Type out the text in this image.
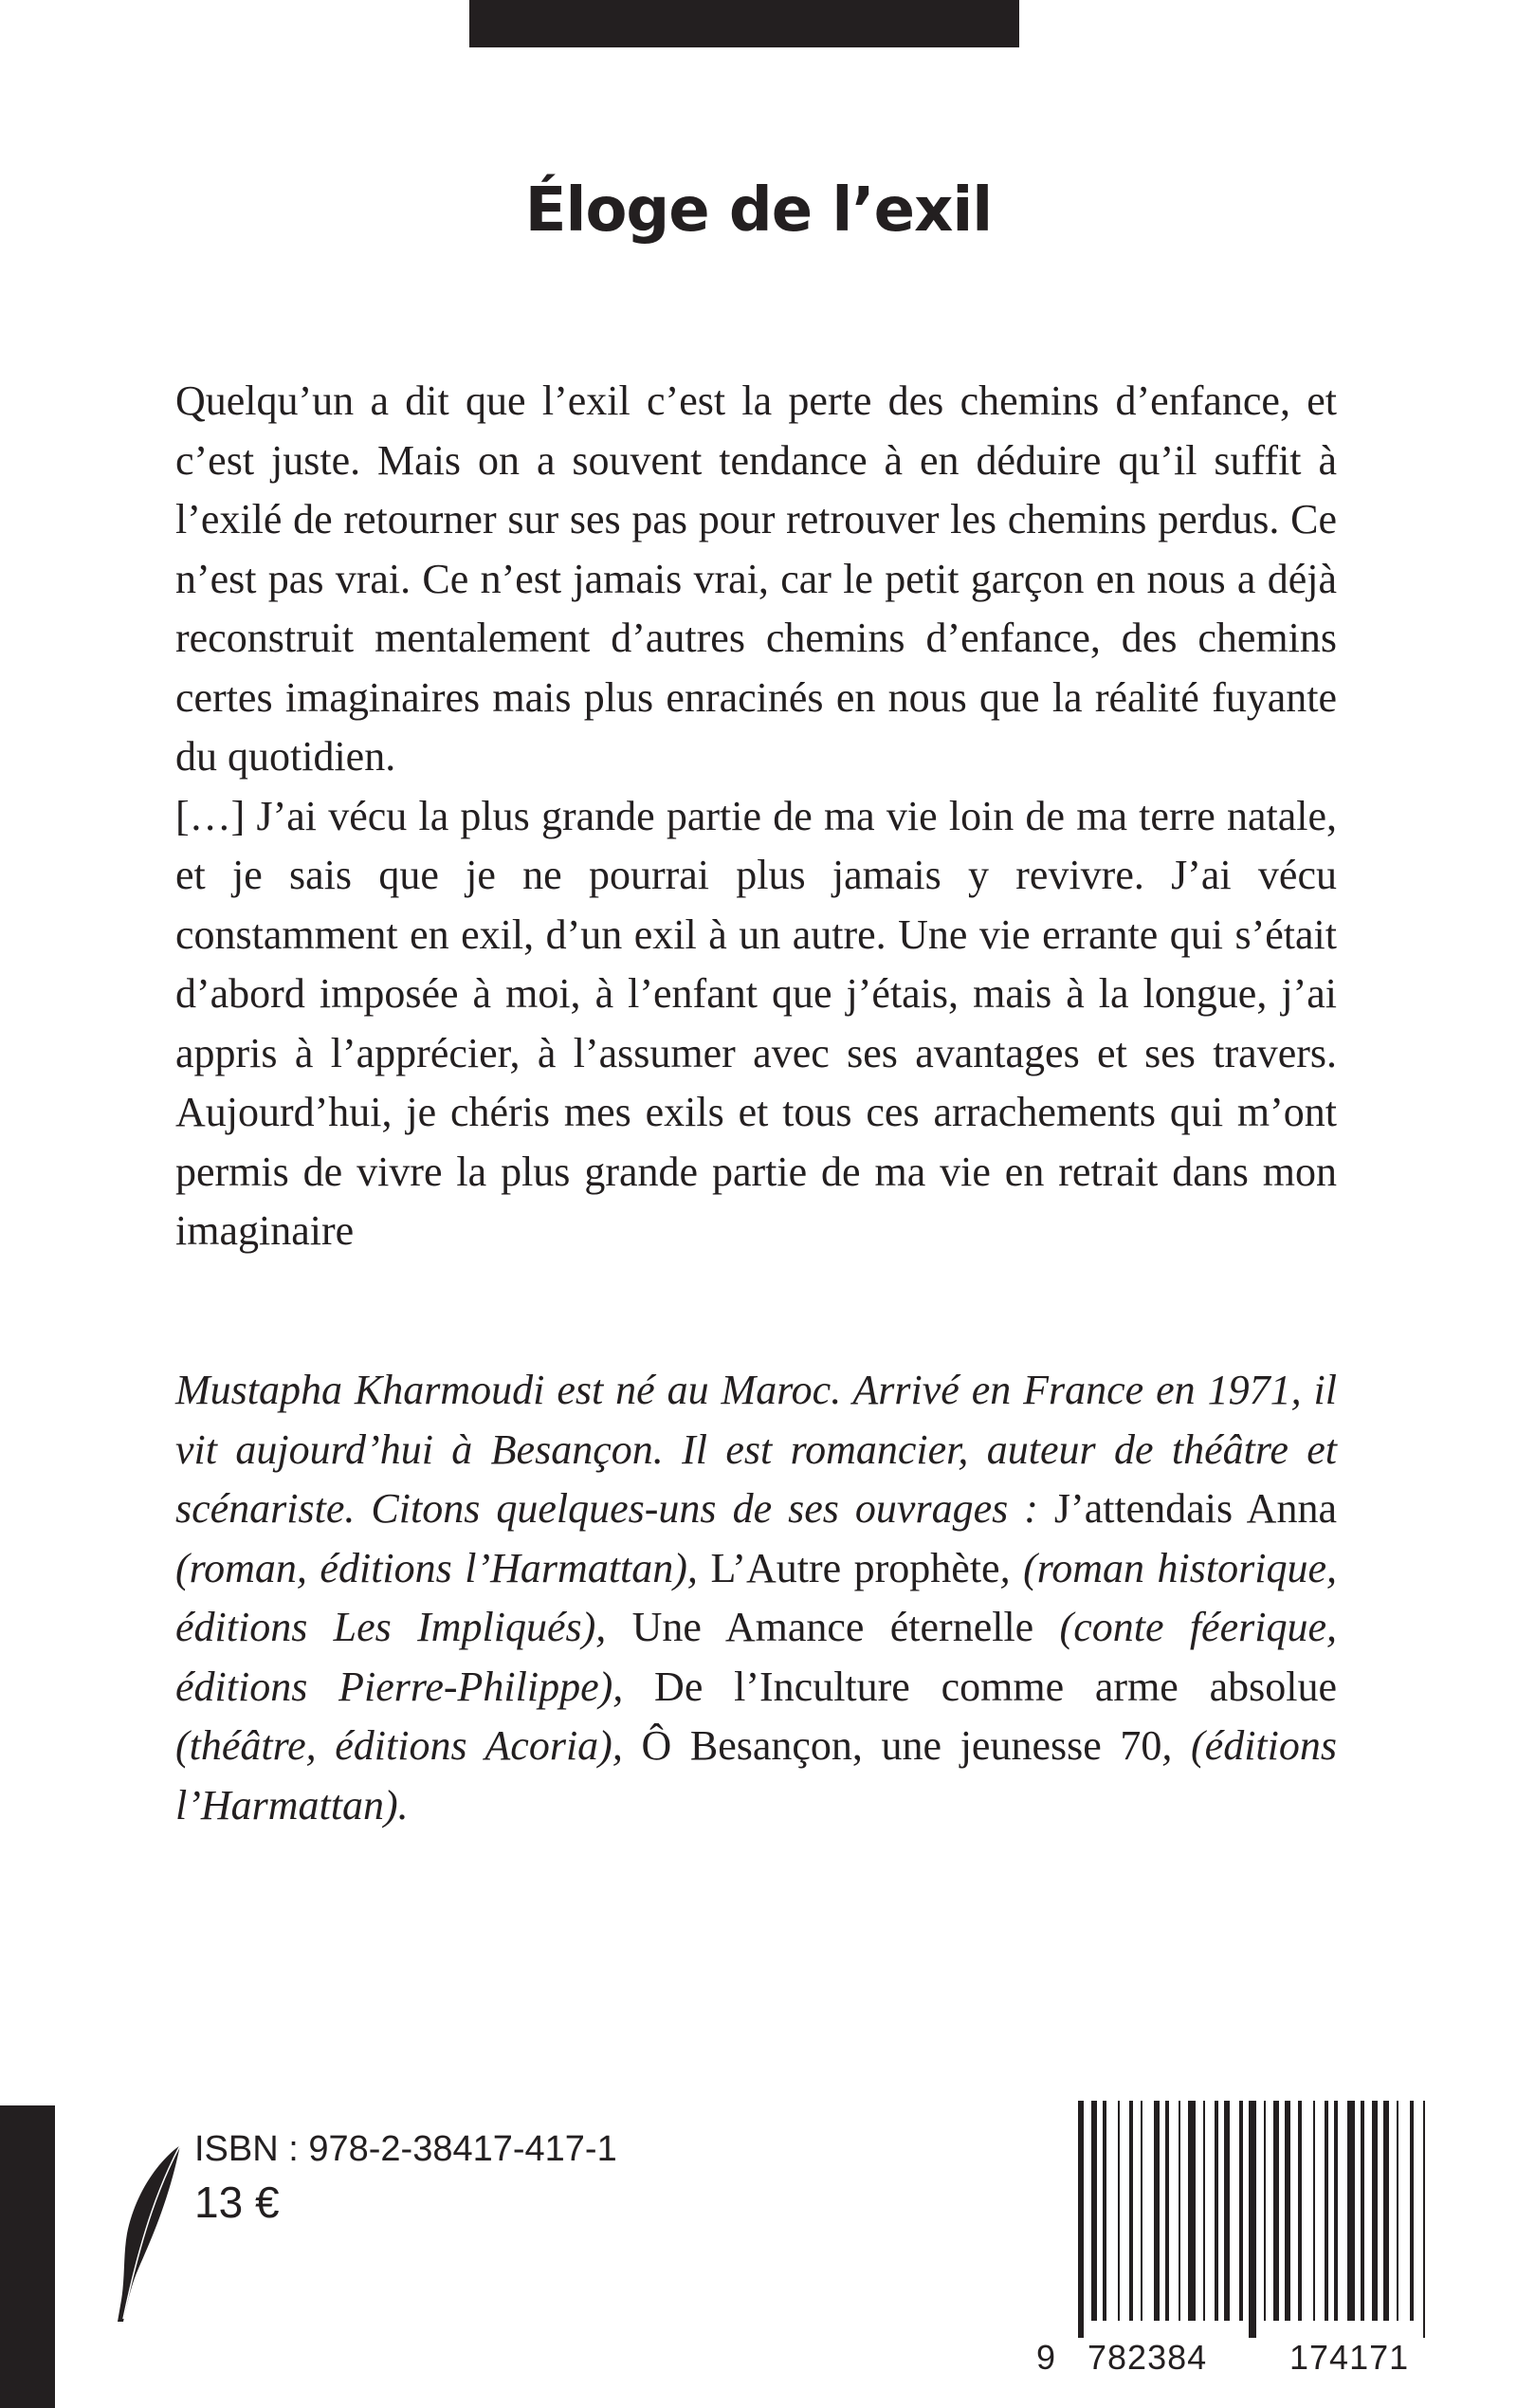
Éloge de l’exil

Quelqu’un a dit que l’exil c’est la perte des chemins d’enfance, et c’est juste. Mais on a souvent tendance à en déduire qu’il suffit à l’exilé de retourner sur ses pas pour retrouver les chemins perdus. Ce n’est pas vrai. Ce n’est jamais vrai, car le petit garçon en nous a déjà reconstruit mentalement d’autres chemins d’enfance, des chemins certes imaginaires mais plus enracinés en nous que la réalité fuyante du quotidien.

[…] J’ai vécu la plus grande partie de ma vie loin de ma terre natale, et je sais que je ne pourrai plus jamais y revivre. J’ai vécu constamment en exil, d’un exil à un autre. Une vie errante qui s’était d’abord imposée à moi, à l’enfant que j’étais, mais à la longue, j’ai appris à l’apprécier, à l’assumer avec ses avantages et ses travers. Aujourd’hui, je chéris mes exils et tous ces arrachements qui m’ont permis de vivre la plus grande partie de ma vie en retrait dans mon imaginaire

Mustapha Kharmoudi est né au Maroc. Arrivé en France en 1971, il vit aujourd’hui à Besançon. Il est romancier, auteur de théâtre et scénariste. Citons quelques-uns de ses ouvrages : J’attendais Anna (roman, éditions l’Harmattan), L’Autre prophète, (roman historique, éditions Les Impliqués), Une Amance éternelle (conte féerique, éditions Pierre-Philippe), De l’Inculture comme arme absolue (théâtre, éditions Acoria), Ô Besançon, une jeunesse 70, (éditions l’Harmattan).

ISBN : 978-2-38417-417-1

13 €

9 782384 174171
